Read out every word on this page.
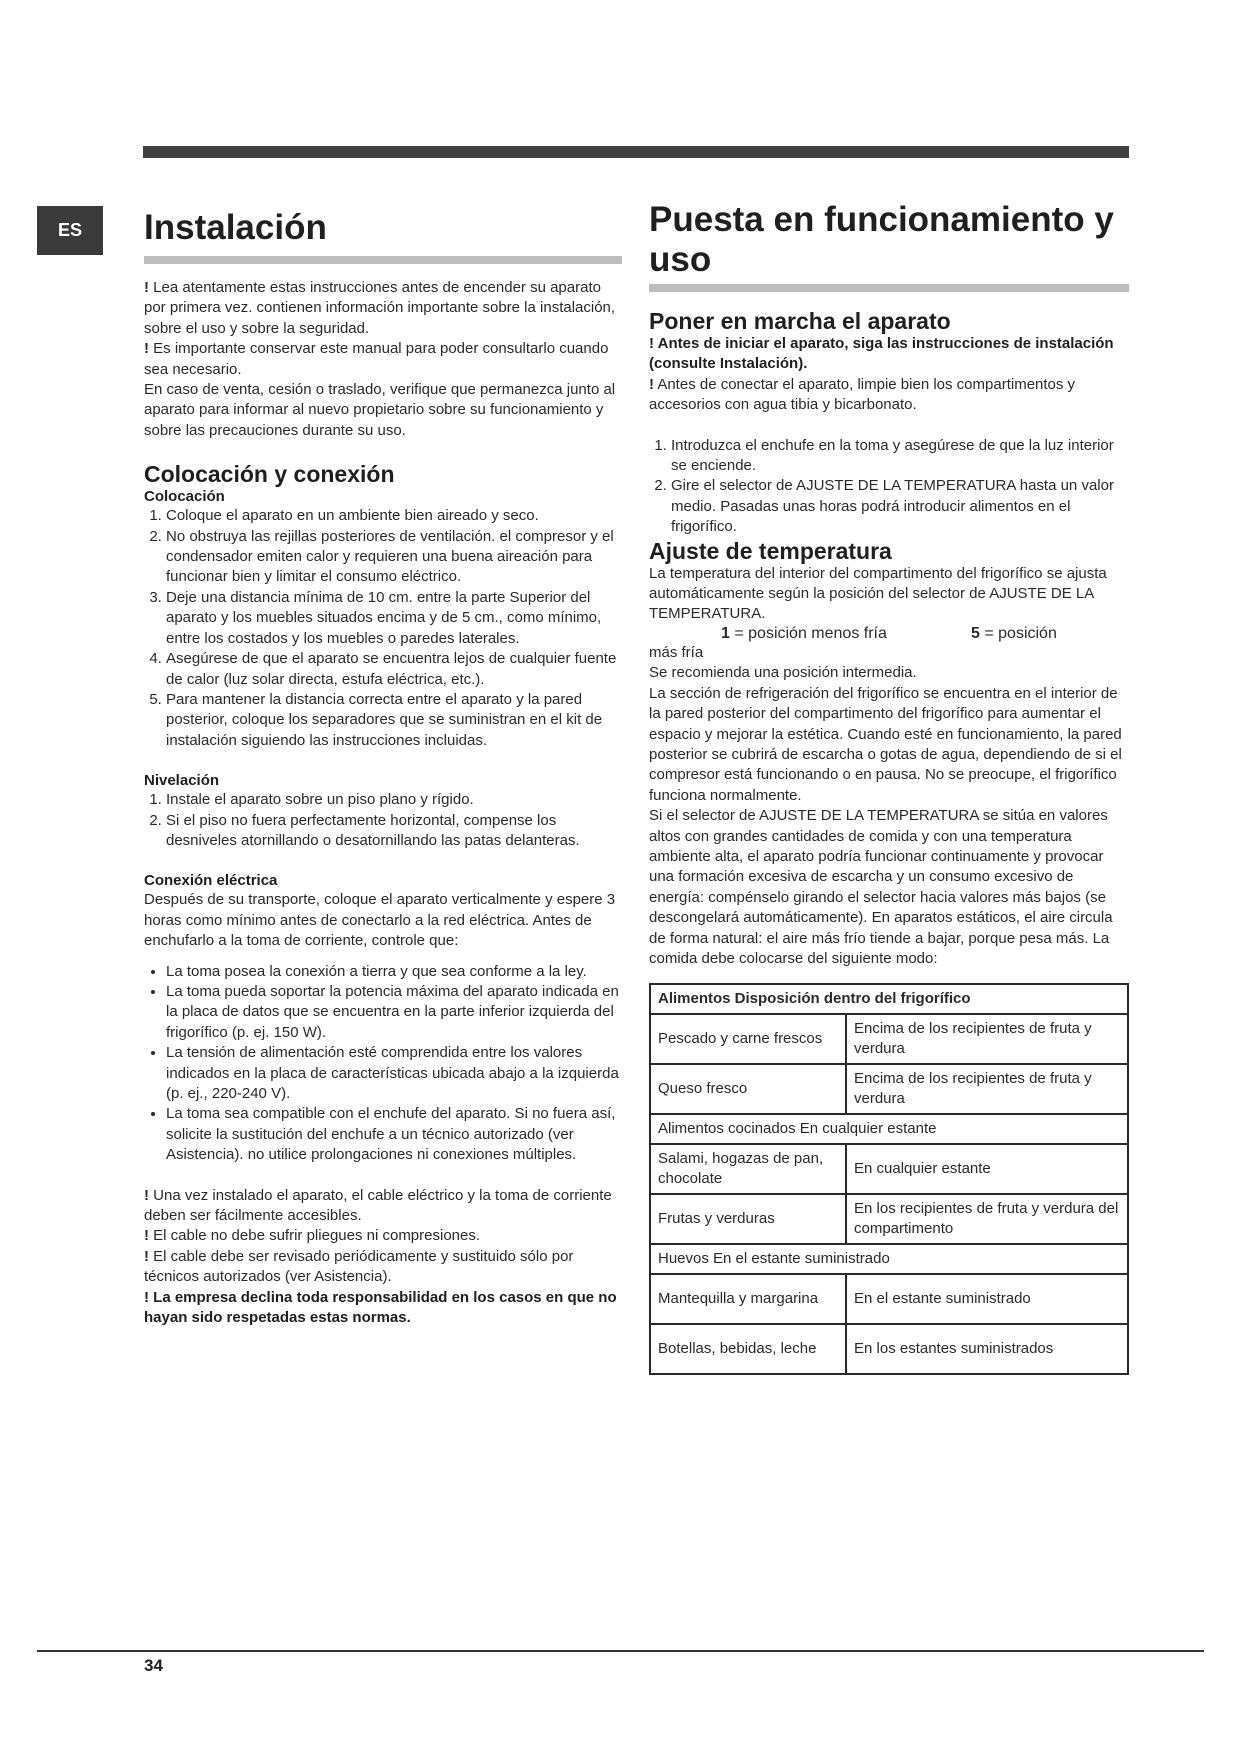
ES	Instalación

! Lea atentamente estas instrucciones antes de encender su aparato por primera vez. contienen información importante sobre la instalación, sobre el uso y sobre la seguridad.

! Es importante conservar este manual para poder consultarlo cuando sea necesario.

En caso de venta, cesión o traslado, verifique que permanezca junto al aparato para informar al nuevo propietario sobre su funcionamiento y sobre las precauciones durante su uso.

Colocación y conexión
Colocación
1. Coloque el aparato en un ambiente bien aireado y seco.
2. No obstruya las rejillas posteriores de ventilación. el compresor y el condensador emiten calor y requieren una buena aireación para funcionar bien y limitar el consumo eléctrico.
3. Deje una distancia mínima de 10 cm. entre la parte Superior del aparato y los muebles situados encima y de 5 cm., como mínimo, entre los costados y los muebles o paredes laterales.
4. Asegúrese de que el aparato se encuentra lejos de cualquier fuente de calor (luz solar directa, estufa eléctrica, etc.).
5. Para mantener la distancia correcta entre el aparato y la pared posterior, coloque los separadores que se suministran en el kit de instalación siguiendo las instrucciones incluidas.
Nivelación
1. Instale el aparato sobre un piso plano y rígido.
2. Si el piso no fuera perfectamente horizontal, compense los desniveles atornillando o desatornillando las patas delanteras.
Conexión eléctrica

Después de su transporte, coloque el aparato verticalmente y espere 3 horas como mínimo antes de conectarlo a la red eléctrica. Antes de enchufarlo a la toma de corriente, controle que:

• La toma posea la conexión a tierra y que sea conforme a la ley.
• La toma pueda soportar la potencia máxima del aparato indicada en la placa de datos que se encuentra en la parte inferior izquierda del frigorífico (p. ej. 150 W).
• La tensión de alimentación esté comprendida entre los valores indicados en la placa de características ubicada abajo a la izquierda (p. ej., 220-240 V).
• La toma sea compatible con el enchufe del aparato. Si no fuera así, solicite la sustitución del enchufe a un técnico autorizado (ver Asistencia). no utilice prolongaciones ni conexiones múltiples.

! Una vez instalado el aparato, el cable eléctrico y la toma de corriente deben ser fácilmente accesibles.

! El cable no debe sufrir pliegues ni compresiones.

! El cable debe ser revisado periódicamente y sustituido sólo por técnicos autorizados (ver Asistencia).

! La empresa declina toda responsabilidad en los casos en que no hayan sido respetadas estas normas.

Puesta en funcionamiento y uso
Poner en marcha el aparato

! Antes de iniciar el aparato, siga las instrucciones de instalación (consulte Instalación).

! Antes de conectar el aparato, limpie bien los compartimentos y accesorios con agua tibia y bicarbonato.

1. Introduzca el enchufe en la toma y asegúrese de que la luz interior se enciende.
2. Gire el selector de AJUSTE DE LA TEMPERATURA hasta un valor medio. Pasadas unas horas podrá introducir alimentos en el frigorífico.
Ajuste de temperatura

La temperatura del interior del compartimento del frigorífico se ajusta automáticamente según la posición del selector de AJUSTE DE LA TEMPERATURA.

1 = posición menos fría	5 = posición

más fría

Se recomienda una posición intermedia.

La sección de refrigeración del frigorífico se encuentra en el interior de la pared posterior del compartimento del frigorífico para aumentar el espacio y mejorar la estética. Cuando esté en funcionamiento, la pared posterior se cubrirá de escarcha o gotas de agua, dependiendo de si el compresor está funcionando o en pausa. No se preocupe, el frigorífico funciona normalmente.

Si el selector de AJUSTE DE LA TEMPERATURA se sitúa en valores altos con grandes cantidades de comida y con una temperatura ambiente alta, el aparato podría funcionar continuamente y provocar una formación excesiva de escarcha y un consumo excesivo de energía: compénselo girando el selector hacia valores más bajos (se descongelará automáticamente). En aparatos estáticos, el aire circula de forma natural: el aire más frío tiende a bajar, porque pesa más. La comida debe colocarse del siguiente modo:

Alimentos Disposición dentro del frigorífico	
Pescado y carne frescos	Encima de los recipientes de fruta y verdura
Queso fresco	Encima de los recipientes de fruta y verdura
Alimentos cocinados En cualquier estante	
Salami, hogazas de pan, chocolate	En cualquier estante
Frutas y verduras	En los recipientes de fruta y verdura del compartimento
Huevos En el estante suministrado	
Mantequilla y margarina	En el estante suministrado
Botellas, bebidas, leche	En los estantes suministrados
34
